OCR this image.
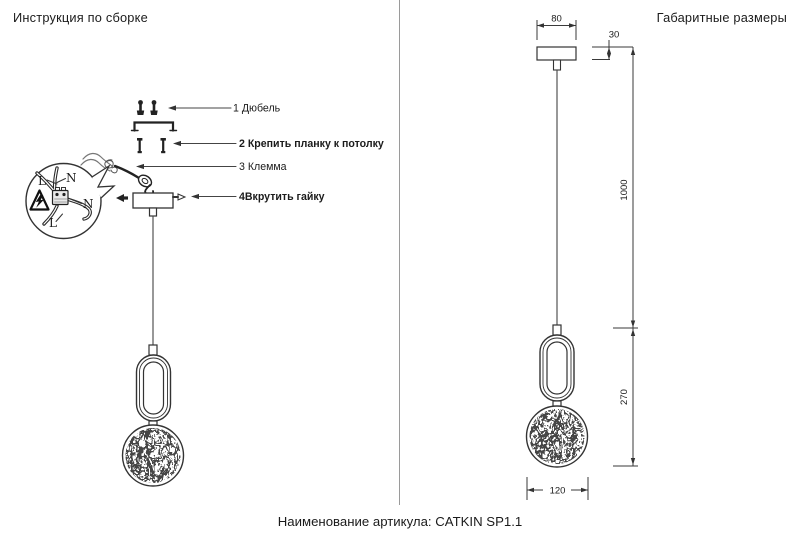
Инструкция по сборке	Габаритные размеры
1 Дюбель
2 Крепить планку к потолку
3 Клемма
4Вкрутить гайку
L N
N
L
80
30
1000
270
120
Наименование артикула: CATKIN SP1.1
